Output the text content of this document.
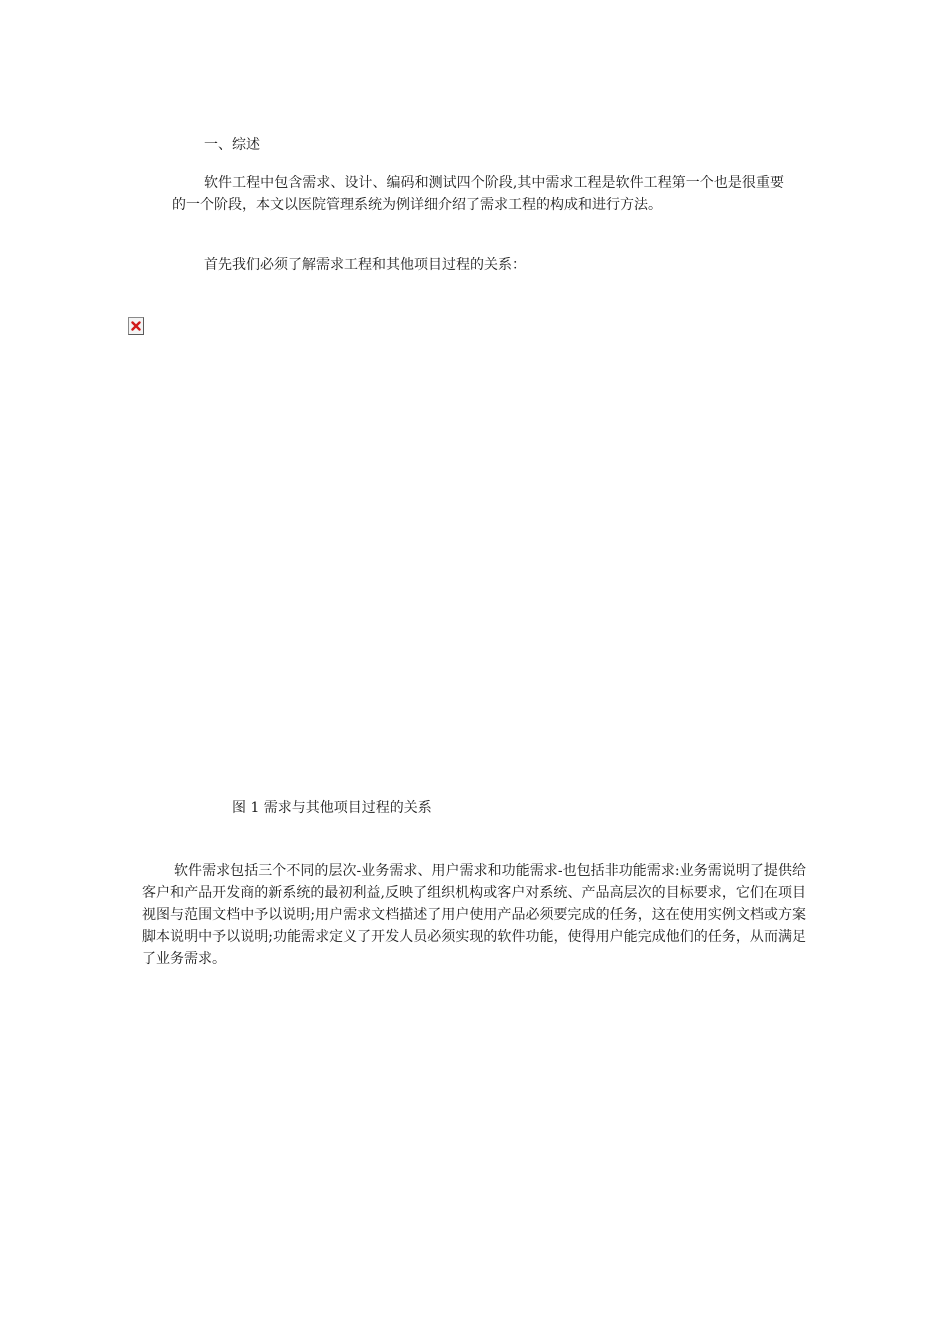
一、综述

软件工程中包含需求、设计、编码和测试四个阶段,其中需求工程是软件工程第一个也是很重要的一个阶段，本文以医院管理系统为例详细介绍了需求工程的构成和进行方法。

首先我们必须了解需求工程和其他项目过程的关系：

图 1 需求与其他项目过程的关系

软件需求包括三个不同的层次-业务需求、用户需求和功能需求-也包括非功能需求:业务需说明了提供给客户和产品开发商的新系统的最初利益,反映了组织机构或客户对系统、产品高层次的目标要求，它们在项目视图与范围文档中予以说明;用户需求文档描述了用户使用产品必须要完成的任务，这在使用实例文档或方案脚本说明中予以说明;功能需求定义了开发人员必须实现的软件功能，使得用户能完成他们的任务，从而满足了业务需求。
